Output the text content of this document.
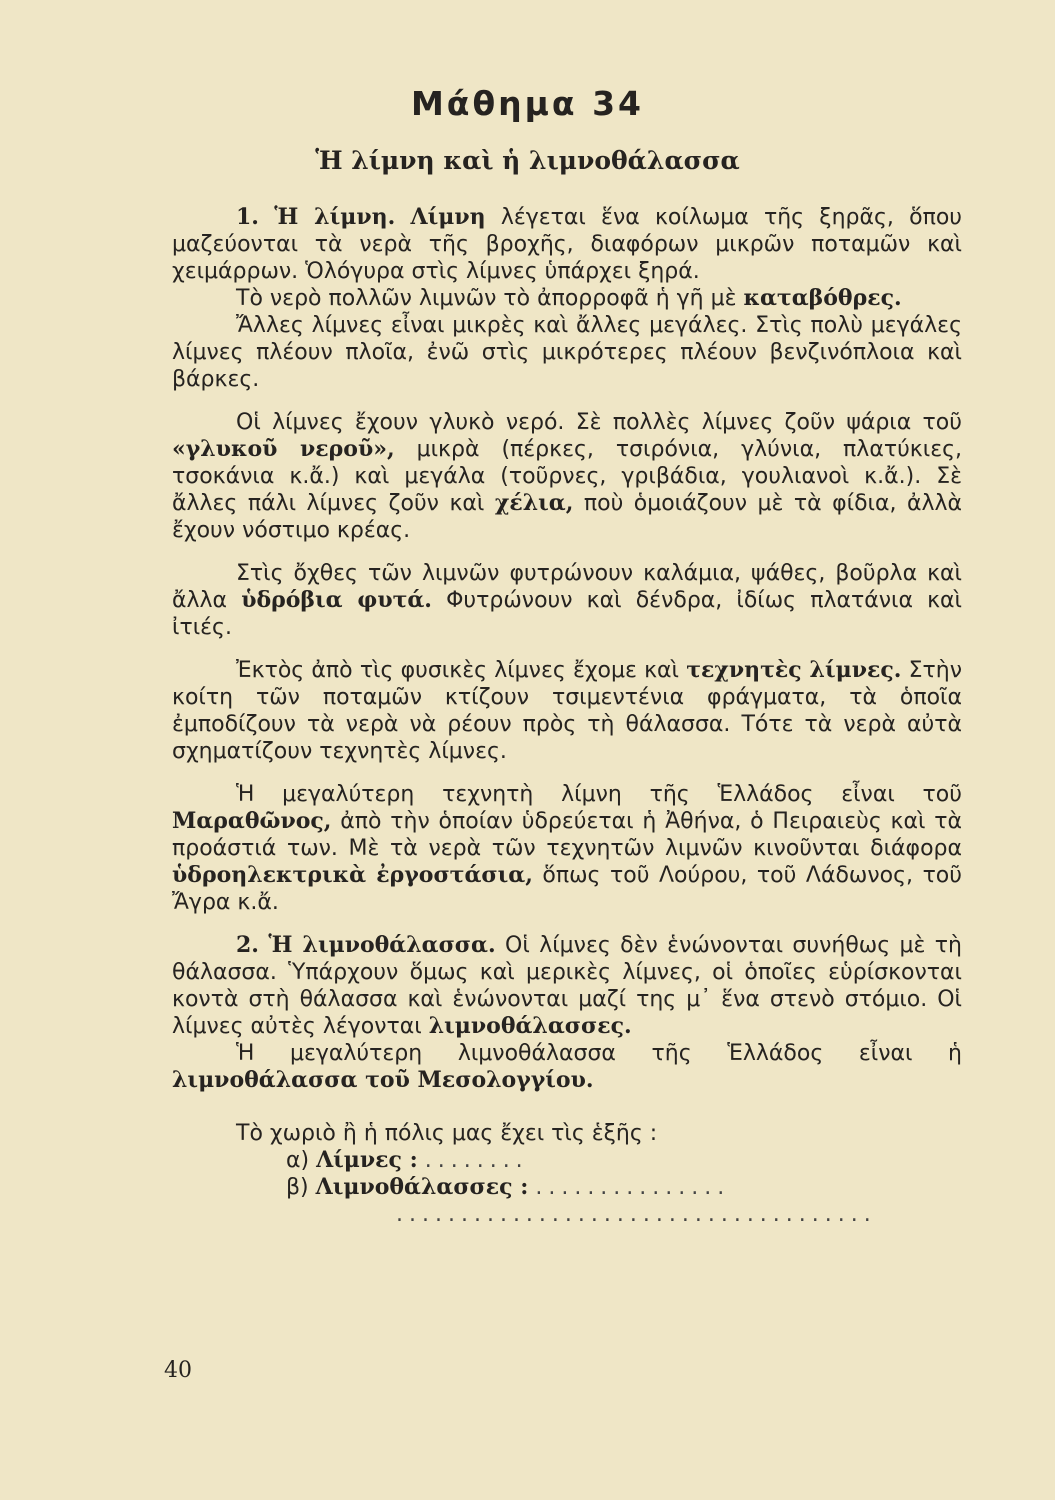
Μάθημα 34
Ἡ λίμνη καὶ ἡ λιμνοθάλασσα

1. Ἡ λίμνη. Λίμνη λέγεται ἕνα κοίλωμα τῆς ξηρᾶς, ὅπου μαζεύονται τὰ νερὰ τῆς βροχῆς, διαφόρων μικρῶν ποταμῶν καὶ χειμάρρων. Ὁλόγυρα στὶς λίμνες ὑπάρχει ξηρά.

Τὸ νερὸ πολλῶν λιμνῶν τὸ ἀπορροφᾶ ἡ γῆ μὲ καταβόθρες.

Ἄλλες λίμνες εἶναι μικρὲς καὶ ἄλλες μεγάλες. Στὶς πολὺ μεγάλες λίμνες πλέουν πλοῖα, ἐνῶ στὶς μικρότερες πλέουν βενζινόπλοια καὶ βάρκες.

Οἱ λίμνες ἔχουν γλυκὸ νερό. Σὲ πολλὲς λίμνες ζοῦν ψάρια τοῦ «γλυκοῦ νεροῦ», μικρὰ (πέρκες, τσιρόνια, γλύνια, πλατύκιες, τσοκάνια κ.ἄ.) καὶ μεγάλα (τοῦρνες, γριβάδια, γουλιανοὶ κ.ἄ.). Σὲ ἄλλες πάλι λίμνες ζοῦν καὶ χέλια, ποὺ ὁμοιάζουν μὲ τὰ φίδια, ἀλλὰ ἔχουν νόστιμο κρέας.

Στὶς ὄχθες τῶν λιμνῶν φυτρώνουν καλάμια, ψάθες, βοῦρλα καὶ ἄλλα ὑδρόβια φυτά. Φυτρώνουν καὶ δένδρα, ἰδίως πλατάνια καὶ ἰτιές.

Ἐκτὸς ἀπὸ τὶς φυσικὲς λίμνες ἔχομε καὶ τεχνητὲς λίμνες. Στὴν κοίτη τῶν ποταμῶν κτίζουν τσιμεντένια φράγματα, τὰ ὁποῖα ἐμποδίζουν τὰ νερὰ νὰ ρέουν πρὸς τὴ θάλασσα. Τότε τὰ νερὰ αὐτὰ σχηματίζουν τεχνητὲς λίμνες.

Ἡ μεγαλύτερη τεχνητὴ λίμνη τῆς Ἑλλάδος εἶναι τοῦ Μαραθῶνος, ἀπὸ τὴν ὁποίαν ὑδρεύεται ἡ Ἀθήνα, ὁ Πειραιεὺς καὶ τὰ προάστιά των. Μὲ τὰ νερὰ τῶν τεχνητῶν λιμνῶν κινοῦνται διάφορα ὑδροηλεκτρικὰ ἐργοστάσια, ὅπως τοῦ Λούρου, τοῦ Λάδωνος, τοῦ Ἄγρα κ.ἄ.

2. Ἡ λιμνοθάλασσα. Οἱ λίμνες δὲν ἑνώνονται συνήθως μὲ τὴ θάλασσα. Ὑπάρχουν ὅμως καὶ μερικὲς λίμνες, οἱ ὁποῖες εὑρίσκονται κοντὰ στὴ θάλασσα καὶ ἑνώνονται μαζί της μ᾽ ἕνα στενὸ στόμιο. Οἱ λίμνες αὐτὲς λέγονται λιμνοθάλασσες.

Ἡ μεγαλύτερη λιμνοθάλασσα τῆς Ἑλλάδος εἶναι ἡ λιμνοθάλασσα τοῦ Μεσολογγίου.

Τὸ χωριὸ ἢ ἡ πόλις μας ἔχει τὶς ἑξῆς :

α) Λίμνες : ........

β) Λιμνοθάλασσες : ...............

.....................................

40
